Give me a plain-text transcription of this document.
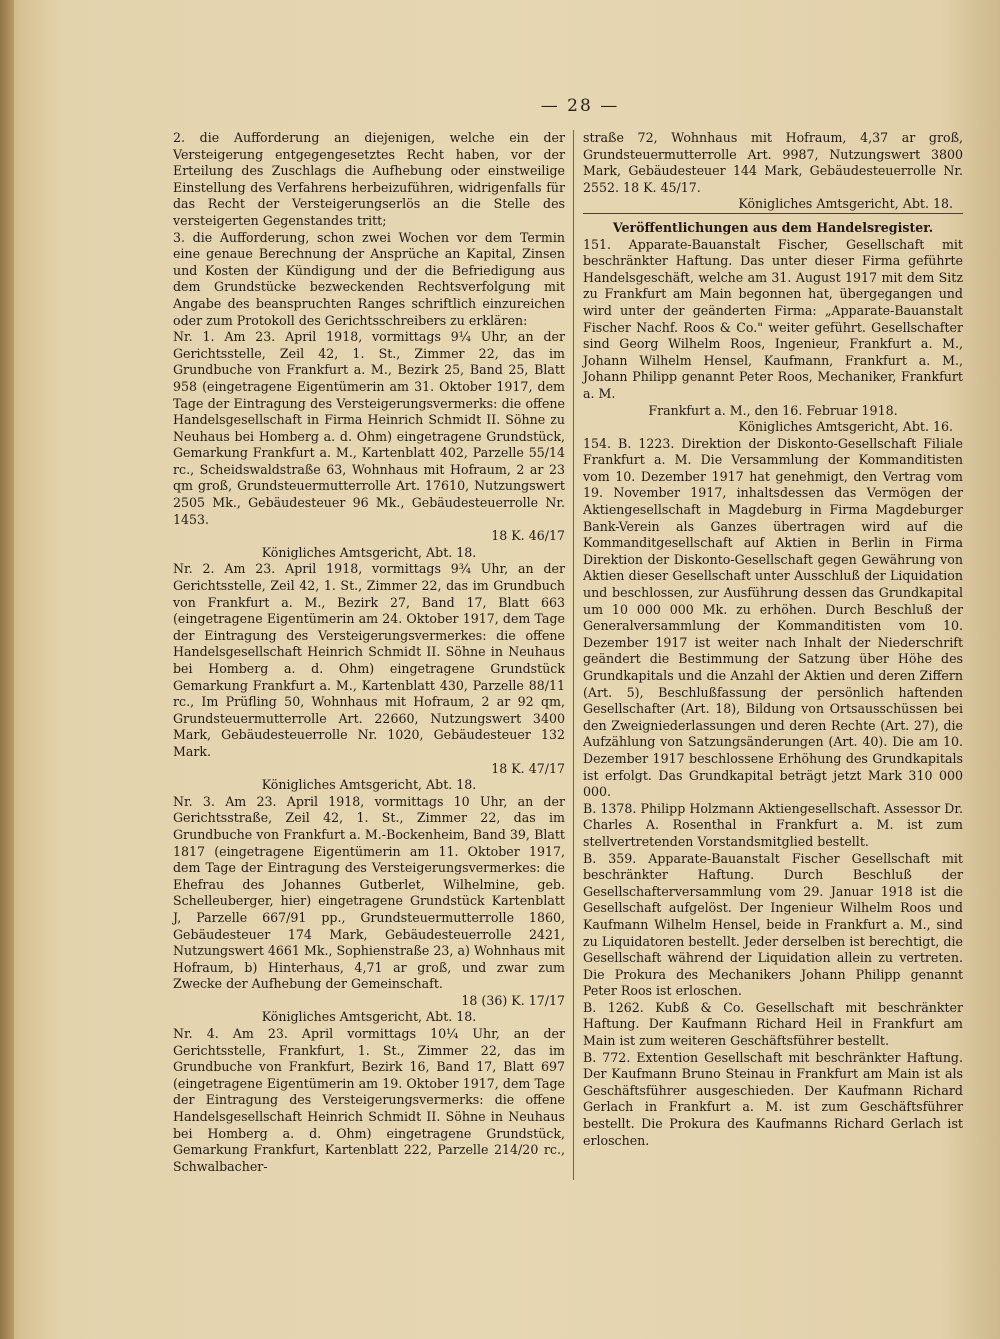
— 28 —

2. die Aufforderung an diejenigen, welche ein der Versteigerung entgegengesetztes Recht haben, vor der Erteilung des Zuschlags die Aufhebung oder einstweilige Einstellung des Verfahrens herbeizuführen, widrigenfalls für das Recht der Versteigerungserlös an die Stelle des versteigerten Gegenstandes tritt;

3. die Aufforderung, schon zwei Wochen vor dem Termin eine genaue Berechnung der Ansprüche an Kapital, Zinsen und Kosten der Kündigung und der die Befriedigung aus dem Grundstücke bezweckenden Rechtsverfolgung mit Angabe des beanspruchten Ranges schriftlich einzureichen oder zum Protokoll des Gerichtsschreibers zu erklären:

Nr. 1. Am 23. April 1918, vormittags 9¼ Uhr, an der Gerichtsstelle, Zeil 42, 1. St., Zimmer 22, das im Grundbuche von Frankfurt a. M., Bezirk 25, Band 25, Blatt 958 (eingetragene Eigentümerin am 31. Oktober 1917, dem Tage der Eintragung des Versteigerungsvermerks: die offene Handelsgesellschaft in Firma Heinrich Schmidt II. Söhne zu Neuhaus bei Homberg a. d. Ohm) eingetragene Grundstück, Gemarkung Frankfurt a. M., Kartenblatt 402, Parzelle 55/14 rc., Scheidswaldstraße 63, Wohnhaus mit Hofraum, 2 ar 23 qm groß, Grundsteuermutterrolle Art. 17610, Nutzungswert 2505 Mk., Gebäudesteuer 96 Mk., Gebäudesteuerrolle Nr. 1453.

18 K. 46/17

Königliches Amtsgericht, Abt. 18.

Nr. 2. Am 23. April 1918, vormittags 9¾ Uhr, an der Gerichtsstelle, Zeil 42, 1. St., Zimmer 22, das im Grundbuch von Frankfurt a. M., Bezirk 27, Band 17, Blatt 663 (eingetragene Eigentümerin am 24. Oktober 1917, dem Tage der Eintragung des Versteigerungsvermerkes: die offene Handelsgesellschaft Heinrich Schmidt II. Söhne in Neuhaus bei Homberg a. d. Ohm) eingetragene Grundstück Gemarkung Frankfurt a. M., Kartenblatt 430, Parzelle 88/11 rc., Im Prüfling 50, Wohnhaus mit Hofraum, 2 ar 92 qm, Grundsteuermutterrolle Art. 22660, Nutzungswert 3400 Mark, Gebäudesteuerrolle Nr. 1020, Gebäudesteuer 132 Mark.

18 K. 47/17

Königliches Amtsgericht, Abt. 18.

Nr. 3. Am 23. April 1918, vormittags 10 Uhr, an der Gerichtsstraße, Zeil 42, 1. St., Zimmer 22, das im Grundbuche von Frankfurt a. M.-Bockenheim, Band 39, Blatt 1817 (eingetragene Eigentümerin am 11. Oktober 1917, dem Tage der Eintragung des Versteigerungsvermerkes: die Ehefrau des Johannes Gutberlet, Wilhelmine, geb. Schelleuberger, hier) eingetragene Grundstück Kartenblatt J, Parzelle 667/91 pp., Grundsteuermutterrolle 1860, Gebäudesteuer 174 Mark, Gebäudesteuerrolle 2421, Nutzungswert 4661 Mk., Sophienstraße 23, a) Wohnhaus mit Hofraum, b) Hinterhaus, 4,71 ar groß, und zwar zum Zwecke der Aufhebung der Gemeinschaft.

18 (36) K. 17/17

Königliches Amtsgericht, Abt. 18.

Nr. 4. Am 23. April vormittags 10¼ Uhr, an der Gerichtsstelle, Frankfurt, 1. St., Zimmer 22, das im Grundbuche von Frankfurt, Bezirk 16, Band 17, Blatt 697 (eingetragene Eigentümerin am 19. Oktober 1917, dem Tage der Eintragung des Versteigerungsvermerks: die offene Handelsgesellschaft Heinrich Schmidt II. Söhne in Neuhaus bei Homberg a. d. Ohm) eingetragene Grundstück, Gemarkung Frankfurt, Kartenblatt 222, Parzelle 214/20 rc., Schwalbacher-

straße 72, Wohnhaus mit Hofraum, 4,37 ar groß, Grundsteuermutterrolle Art. 9987, Nutzungswert 3800 Mark, Gebäudesteuer 144 Mark, Gebäudesteuerrolle Nr. 2552. 18 K. 45/17.

Königliches Amtsgericht, Abt. 18.

Veröffentlichungen aus dem Handelsregister.

151. Apparate-Bauanstalt Fischer, Gesellschaft mit beschränkter Haftung. Das unter dieser Firma geführte Handelsgeschäft, welche am 31. August 1917 mit dem Sitz zu Frankfurt am Main begonnen hat, übergegangen und wird unter der geänderten Firma: „Apparate-Bauanstalt Fischer Nachf. Roos & Co." weiter geführt. Gesellschafter sind Georg Wilhelm Roos, Ingenieur, Frankfurt a. M., Johann Wilhelm Hensel, Kaufmann, Frankfurt a. M., Johann Philipp genannt Peter Roos, Mechaniker, Frankfurt a. M.

Frankfurt a. M., den 16. Februar 1918.

Königliches Amtsgericht, Abt. 16.

154. B. 1223. Direktion der Diskonto-Gesellschaft Filiale Frankfurt a. M. Die Versammlung der Kommanditisten vom 10. Dezember 1917 hat genehmigt, den Vertrag vom 19. November 1917, inhaltsdessen das Vermögen der Aktiengesellschaft in Magdeburg in Firma Magdeburger Bank-Verein als Ganzes übertragen wird auf die Kommanditgesellschaft auf Aktien in Berlin in Firma Direktion der Diskonto-Gesellschaft gegen Gewährung von Aktien dieser Gesellschaft unter Ausschluß der Liquidation und beschlossen, zur Ausführung dessen das Grundkapital um 10 000 000 Mk. zu erhöhen. Durch Beschluß der Generalversammlung der Kommanditisten vom 10. Dezember 1917 ist weiter nach Inhalt der Niederschrift geändert die Bestimmung der Satzung über Höhe des Grundkapitals und die Anzahl der Aktien und deren Ziffern (Art. 5), Beschlußfassung der persönlich haftenden Gesellschafter (Art. 18), Bildung von Ortsausschüssen bei den Zweigniederlassungen und deren Rechte (Art. 27), die Aufzählung von Satzungsänderungen (Art. 40). Die am 10. Dezember 1917 beschlossene Erhöhung des Grundkapitals ist erfolgt. Das Grundkapital beträgt jetzt Mark 310 000 000.

B. 1378. Philipp Holzmann Aktiengesellschaft. Assessor Dr. Charles A. Rosenthal in Frankfurt a. M. ist zum stellvertretenden Vorstandsmitglied bestellt.

B. 359. Apparate-Bauanstalt Fischer Gesellschaft mit beschränkter Haftung. Durch Beschluß der Gesellschafterversammlung vom 29. Januar 1918 ist die Gesellschaft aufgelöst. Der Ingenieur Wilhelm Roos und Kaufmann Wilhelm Hensel, beide in Frankfurt a. M., sind zu Liquidatoren bestellt. Jeder derselben ist berechtigt, die Gesellschaft während der Liquidation allein zu vertreten. Die Prokura des Mechanikers Johann Philipp genannt Peter Roos ist erloschen.

B. 1262. Kubß & Co. Gesellschaft mit beschränkter Haftung. Der Kaufmann Richard Heil in Frankfurt am Main ist zum weiteren Geschäftsführer bestellt.

B. 772. Extention Gesellschaft mit beschränkter Haftung. Der Kaufmann Bruno Steinau in Frankfurt am Main ist als Geschäftsführer ausgeschieden. Der Kaufmann Richard Gerlach in Frankfurt a. M. ist zum Geschäftsführer bestellt. Die Prokura des Kaufmanns Richard Gerlach ist erloschen.
